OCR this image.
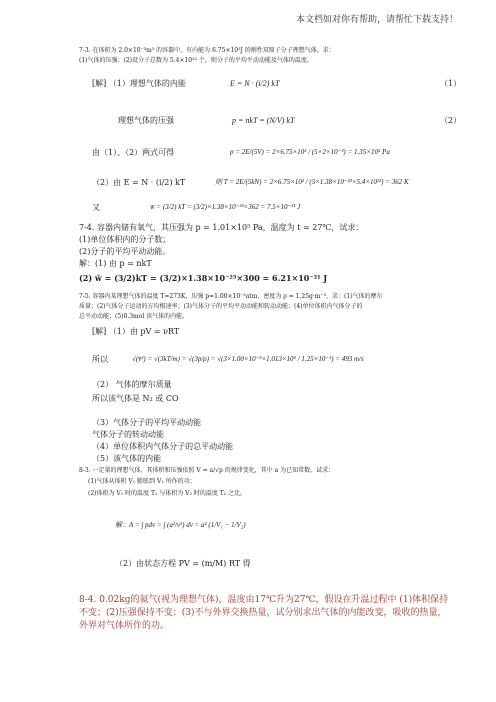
本文档如对你有帮助，请帮忙下载支持！
7-3. 在体积为 2.0×10⁻³m³ 的容器中，有内能为 6.75×10²J 的刚性双原子分子理想气体。求：
(1)气体的压强；(2)设分子总数为 5.4×10²² 个，则分子的平均平动动能及气体的温度。
[解] （1）理想气体的内能	E = N · (i/2) kT	（1）
理想气体的压强	p = nkT = (N/V) kT	（2）
由（1）、（2）两式可得	p = 2E/(5V) = 2×6.75×10² / (5×2×10⁻³) = 1.35×10⁵ Pa
（2）由 E = N · (i/2) kT	则 T = 2E/(5kN) = 2×6.75×10² / (5×1.38×10⁻²³×5.4×10²²) = 362 K
又	w̄ = (3/2) kT = (3/2)×1.38×10⁻²³×362 = 7.5×10⁻²¹ J
7-4. 容器内储有氧气，其压强为 p = 1.01×10⁵ Pa，温度为 t = 27℃，试求：
(1)单位体积内的分子数；
(2)分子的平均平动动能。
解：(1) 由 p = nkT
(2) w̄ = (3/2)kT = (3/2)×1.38×10⁻²³×300 = 6.21×10⁻²¹ J
7-5. 容器内某理想气体的温度 T=273K，压强 p=1.00×10⁻³atm，密度为 ρ = 1.25g·m⁻³，求：(1)气体的摩尔
质量；(2)气体分子运动的方均根速率；(3)气体分子的平均平动动能和转动动能；(4)单位体积内气体分子的
总平动动能；(5)0.3mol 该气体的内能。
[解] （1）由 pV = νRT
所以	√(v̄²) = √(3kT/m) = √(3p/ρ) = √(3×1.00×10⁻³×1.013×10⁵ / 1.25×10⁻³) = 493 m/s
（2） 气体的摩尔质量
所以该气体是 N₂ 或 CO
（3）气体分子的平均平动动能
气体分子的转动动能
（4）单位体积内气体分子的总平动动能
（5）该气体的内能
8-3. 一定量的理想气体，其体积和压强依照 V = a/√p 的规律变化，其中 a 为已知常数。试求：
(1)气体从体积 V₁ 膨胀到 V₂ 所作的功；
(2)体积为 V₁ 时的温度 T₁ 与体积为 V₂ 时的温度 T₂ 之比。
解：A = ∫ pdv = ∫ (a²/v²) dv = a² (1/V₁ − 1/V₂)
（2）由状态方程 PV = (m/M) RT 得
8-4. 0.02kg的氦气(视为理想气体)，温度由17℃升为27℃，假设在升温过程中 (1)体积保持
不变；(2)压强保持不变；(3)不与外界交换热量，试分别求出气体的内能改变，吸收的热量，
外界对气体所作的功。
